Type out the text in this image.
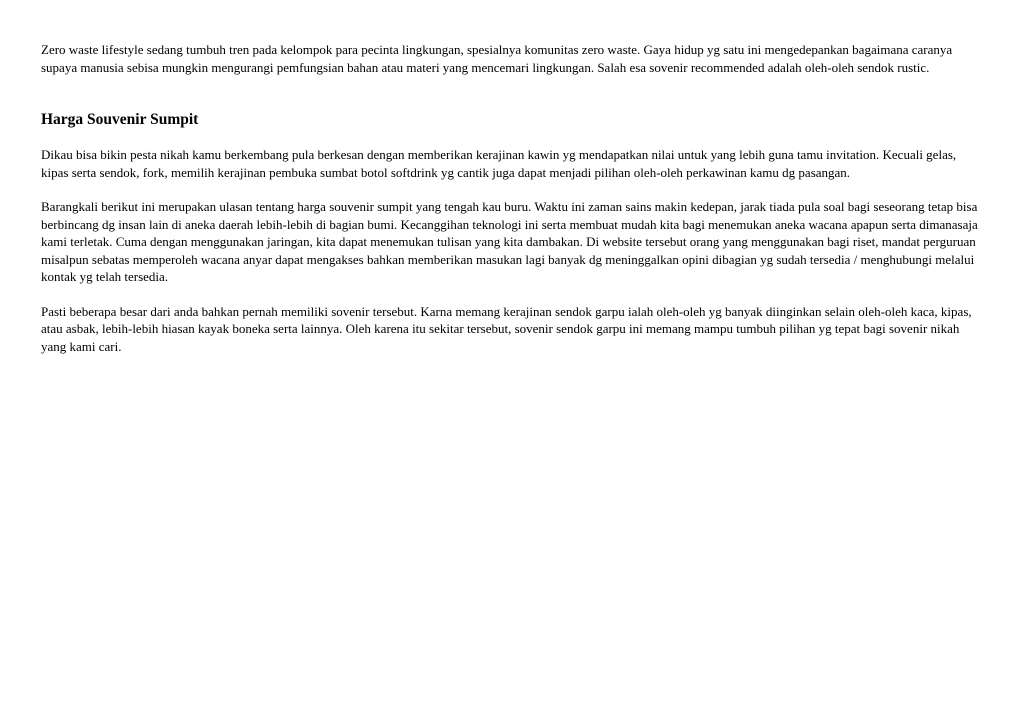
Zero waste lifestyle sedang tumbuh tren pada kelompok para pecinta lingkungan, spesialnya komunitas zero waste. Gaya hidup yg satu ini mengedepankan bagaimana caranya supaya manusia sebisa mungkin mengurangi pemfungsian bahan atau materi yang mencemari lingkungan. Salah esa sovenir recommended adalah oleh-oleh sendok rustic.

Harga Souvenir Sumpit

Dikau bisa bikin pesta nikah kamu berkembang pula berkesan dengan memberikan kerajinan kawin yg mendapatkan nilai untuk yang lebih guna tamu invitation. Kecuali gelas, kipas serta sendok, fork, memilih kerajinan pembuka sumbat botol softdrink yg cantik juga dapat menjadi pilihan oleh-oleh perkawinan kamu dg pasangan.

Barangkali berikut ini merupakan ulasan tentang harga souvenir sumpit yang tengah kau buru. Waktu ini zaman sains makin kedepan, jarak tiada pula soal bagi seseorang tetap bisa berbincang dg insan lain di aneka daerah lebih-lebih di bagian bumi. Kecanggihan teknologi ini serta membuat mudah kita bagi menemukan aneka wacana apapun serta dimanasaja kami terletak. Cuma dengan menggunakan jaringan, kita dapat menemukan tulisan yang kita dambakan. Di website tersebut orang yang menggunakan bagi riset, mandat perguruan misalpun sebatas memperoleh wacana anyar dapat mengakses bahkan memberikan masukan lagi banyak dg meninggalkan opini dibagian yg sudah tersedia / menghubungi melalui kontak yg telah tersedia.

Pasti beberapa besar dari anda bahkan pernah memiliki sovenir tersebut. Karna memang kerajinan sendok garpu ialah oleh-oleh yg banyak diinginkan selain oleh-oleh kaca, kipas, atau asbak, lebih-lebih hiasan kayak boneka serta lainnya. Oleh karena itu sekitar tersebut, sovenir sendok garpu ini memang mampu tumbuh pilihan yg tepat bagi sovenir nikah yang kami cari.
